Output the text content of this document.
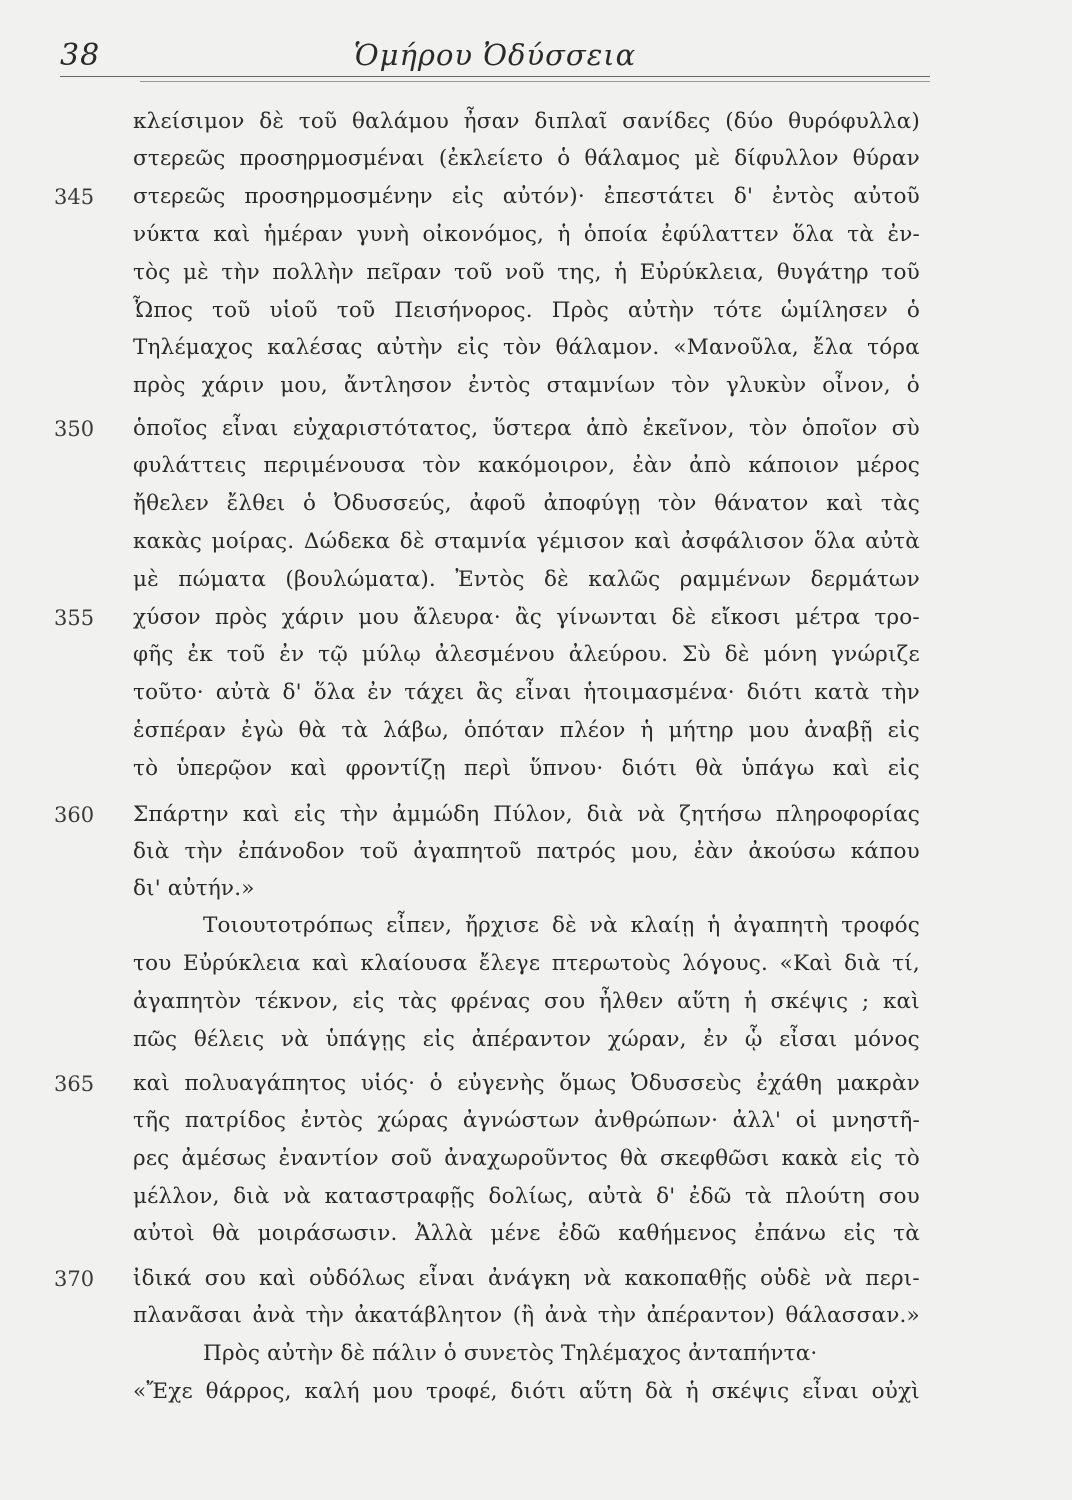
38	Ὁμήρου Ὀδύσσεια
κλείσιμον δὲ τοῦ θαλάμου ἦσαν διπλαῖ σανίδες (δύο θυρόφυλλα)
στερεῶς προσηρμοσμέναι (ἐκλείετο ὁ θάλαμος μὲ δίφυλλον θύραν
στερεῶς προσηρμοσμένην εἰς αὐτόν)· ἐπεστάτει δ' ἐντὸς αὐτοῦ
νύκτα καὶ ἡμέραν γυνὴ οἰκονόμος, ἡ ὁποία ἐφύλαττεν ὅλα τὰ ἐν-
τὸς μὲ τὴν πολλὴν πεῖραν τοῦ νοῦ της, ἡ Εὐρύκλεια, θυγάτηρ τοῦ
Ὦπος τοῦ υἱοῦ τοῦ Πεισήνορος. Πρὸς αὐτὴν τότε ὡμίλησεν ὁ
Τηλέμαχος καλέσας αὐτὴν εἰς τὸν θάλαμον. «Μανοῦλα, ἔλα τόρα
πρὸς χάριν μου, ἄντλησον ἐντὸς σταμνίων τὸν γλυκὺν οἶνον, ὁ
ὁποῖος εἶναι εὐχαριστότατος, ὕστερα ἀπὸ ἐκεῖνον, τὸν ὁποῖον σὺ
φυλάττεις περιμένουσα τὸν κακόμοιρον, ἐὰν ἀπὸ κάποιον μέρος
ἤθελεν ἔλθει ὁ Ὀδυσσεύς, ἀφοῦ ἀποφύγῃ τὸν θάνατον καὶ τὰς
κακὰς μοίρας. Δώδεκα δὲ σταμνία γέμισον καὶ ἀσφάλισον ὅλα αὐτὰ
μὲ πώματα (βουλώματα). Ἐντὸς δὲ καλῶς ραμμένων δερμάτων
χύσον πρὸς χάριν μου ἄλευρα· ἂς γίνωνται δὲ εἴκοσι μέτρα τρο-
φῆς ἐκ τοῦ ἐν τῷ μύλῳ ἀλεσμένου ἀλεύρου. Σὺ δὲ μόνη γνώριζε
τοῦτο· αὐτὰ δ' ὅλα ἐν τάχει ἂς εἶναι ἡτοιμασμένα· διότι κατὰ τὴν
ἑσπέραν ἐγὼ θὰ τὰ λάβω, ὁπόταν πλέον ἡ μήτηρ μου ἀναβῇ εἰς
τὸ ὑπερῷον καὶ φροντίζῃ περὶ ὕπνου· διότι θὰ ὑπάγω καὶ εἰς
Σπάρτην καὶ εἰς τὴν ἀμμώδη Πύλον, διὰ νὰ ζητήσω πληροφορίας
διὰ τὴν ἐπάνοδον τοῦ ἀγαπητοῦ πατρός μου, ἐὰν ἀκούσω κάπου
δι' αὐτήν.»
Τοιουτοτρόπως εἶπεν, ἤρχισε δὲ νὰ κλαίῃ ἡ ἀγαπητὴ τροφός
του Εὐρύκλεια καὶ κλαίουσα ἔλεγε πτερωτοὺς λόγους. «Καὶ διὰ τί,
ἀγαπητὸν τέκνον, εἰς τὰς φρένας σου ἦλθεν αὕτη ἡ σκέψις ; καὶ
πῶς θέλεις νὰ ὑπάγῃς εἰς ἀπέραντον χώραν, ἐν ᾧ εἶσαι μόνος
καὶ πολυαγάπητος υἱός· ὁ εὐγενὴς ὅμως Ὀδυσσεὺς ἐχάθη μακρὰν
τῆς πατρίδος ἐντὸς χώρας ἀγνώστων ἀνθρώπων· ἀλλ' οἱ μνηστῆ-
ρες ἀμέσως ἐναντίον σοῦ ἀναχωροῦντος θὰ σκεφθῶσι κακὰ εἰς τὸ
μέλλον, διὰ νὰ καταστραφῇς δολίως, αὐτὰ δ' ἐδῶ τὰ πλούτη σου
αὐτοὶ θὰ μοιράσωσιν. Ἀλλὰ μένε ἐδῶ καθήμενος ἐπάνω εἰς τὰ
ἰδικά σου καὶ οὐδόλως εἶναι ἀνάγκη νὰ κακοπαθῇς οὐδὲ νὰ περι-
πλανᾶσαι ἀνὰ τὴν ἀκατάβλητον (ἢ ἀνὰ τὴν ἀπέραντον) θάλασσαν.»
Πρὸς αὐτὴν δὲ πάλιν ὁ συνετὸς Τηλέμαχος ἀνταπήντα·
«Ἔχε θάρρος, καλή μου τροφέ, διότι αὕτη δὰ ἡ σκέψις εἶναι οὐχὶ
345
350
355
360
365
370
